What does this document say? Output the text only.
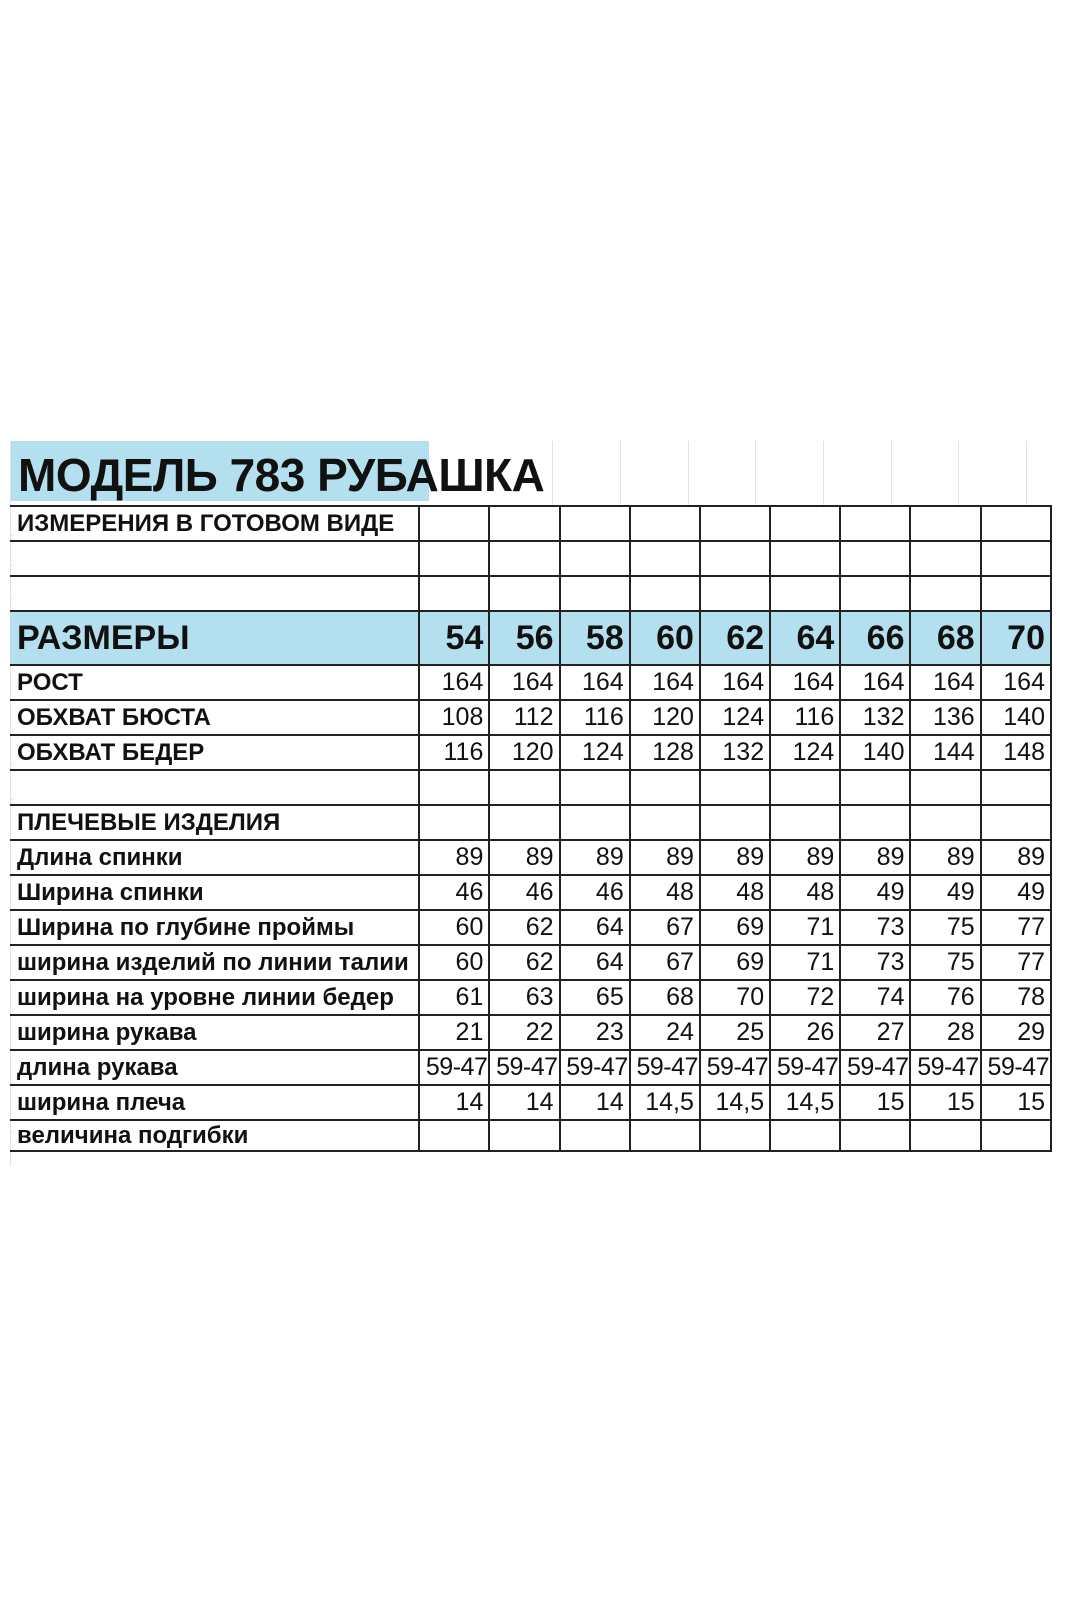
МОДЕЛЬ 783 РУБАШКА
ИЗМЕРЕНИЯ В ГОТОВОМ ВИДЕ									

РАЗМЕРЫ	54	56	58	60	62	64	66	68	70
РОСТ	164	164	164	164	164	164	164	164	164
ОБХВАТ БЮСТА	108	112	116	120	124	116	132	136	140
ОБХВАТ БЕДЕР	116	120	124	128	132	124	140	144	148

ПЛЕЧЕВЫЕ ИЗДЕЛИЯ									
Длина спинки	89	89	89	89	89	89	89	89	89
Ширина спинки	46	46	46	48	48	48	49	49	49
Ширина по глубине проймы	60	62	64	67	69	71	73	75	77
ширина изделий по линии талии	60	62	64	67	69	71	73	75	77
ширина на уровне линии бедер	61	63	65	68	70	72	74	76	78
ширина рукава	21	22	23	24	25	26	27	28	29
длина рукава	59-47	59-47	59-47	59-47	59-47	59-47	59-47	59-47	59-47
ширина плеча	14	14	14	14,5	14,5	14,5	15	15	15
величина подгибки									
